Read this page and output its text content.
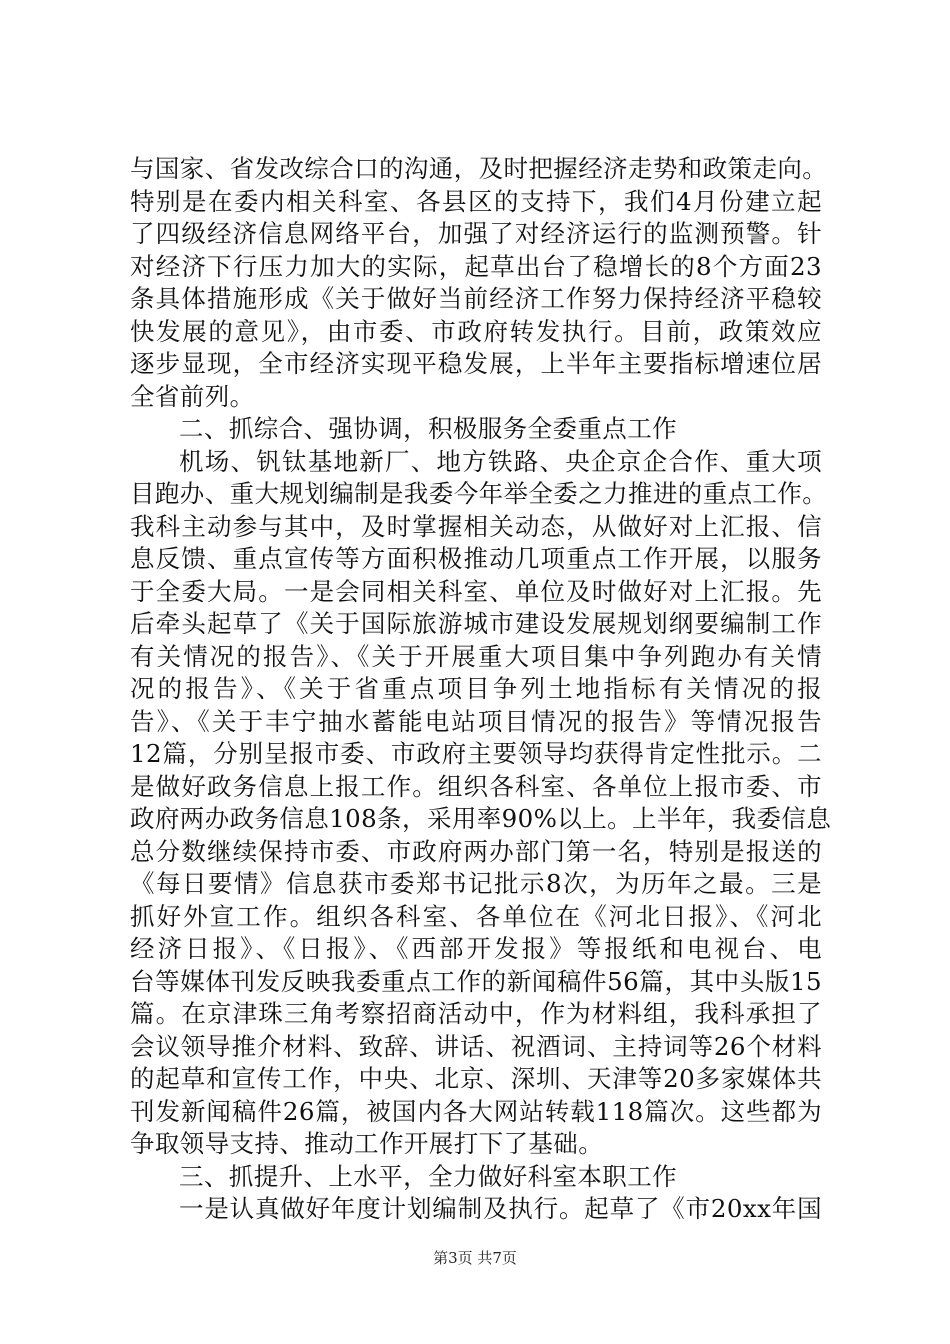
与国家、省发改综合口的沟通，及时把握经济走势和政策走向。
特别是在委内相关科室、各县区的支持下，我们4月份建立起
了四级经济信息网络平台，加强了对经济运行的监测预警。针
对经济下行压力加大的实际，起草出台了稳增长的8个方面23
条具体措施形成《关于做好当前经济工作努力保持经济平稳较
快发展的意见》，由市委、市政府转发执行。目前，政策效应
逐步显现，全市经济实现平稳发展，上半年主要指标增速位居
全省前列。
二、抓综合、强协调，积极服务全委重点工作
机场、钒钛基地新厂、地方铁路、央企京企合作、重大项
目跑办、重大规划编制是我委今年举全委之力推进的重点工作。
我科主动参与其中，及时掌握相关动态，从做好对上汇报、信
息反馈、重点宣传等方面积极推动几项重点工作开展，以服务
于全委大局。一是会同相关科室、单位及时做好对上汇报。先
后牵头起草了《关于国际旅游城市建设发展规划纲要编制工作
有关情况的报告》、《关于开展重大项目集中争列跑办有关情
况的报告》、《关于省重点项目争列土地指标有关情况的报
告》、《关于丰宁抽水蓄能电站项目情况的报告》等情况报告
12篇，分别呈报市委、市政府主要领导均获得肯定性批示。二
是做好政务信息上报工作。组织各科室、各单位上报市委、市
政府两办政务信息108条，采用率90%以上。上半年，我委信息
总分数继续保持市委、市政府两办部门第一名，特别是报送的
《每日要情》信息获市委郑书记批示8次，为历年之最。三是
抓好外宣工作。组织各科室、各单位在《河北日报》、《河北
经济日报》、《日报》、《西部开发报》等报纸和电视台、电
台等媒体刊发反映我委重点工作的新闻稿件56篇，其中头版15
篇。在京津珠三角考察招商活动中，作为材料组，我科承担了
会议领导推介材料、致辞、讲话、祝酒词、主持词等26个材料
的起草和宣传工作，中央、北京、深圳、天津等20多家媒体共
刊发新闻稿件26篇，被国内各大网站转载118篇次。这些都为
争取领导支持、推动工作开展打下了基础。
三、抓提升、上水平，全力做好科室本职工作
一是认真做好年度计划编制及执行。起草了《市20xx年国
第3页 共7页
